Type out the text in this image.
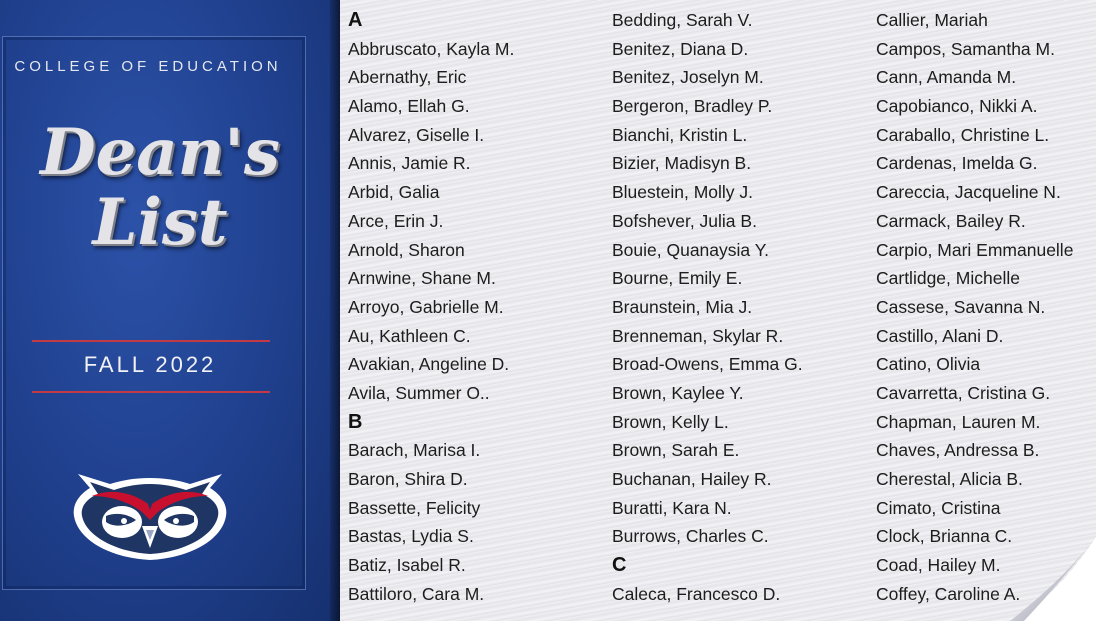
COLLEGE OF EDUCATION
Dean's
List
FALL 2022
A
Abbruscato, Kayla M.
Abernathy, Eric
Alamo, Ellah G.
Alvarez, Giselle I.
Annis, Jamie R.
Arbid, Galia
Arce, Erin J.
Arnold, Sharon
Arnwine, Shane M.
Arroyo, Gabrielle M.
Au, Kathleen C.
Avakian, Angeline D.
Avila, Summer O..
B
Barach, Marisa I.
Baron, Shira D.
Bassette, Felicity
Bastas, Lydia S.
Batiz, Isabel R.
Battiloro, Cara M.
Bedding, Sarah V.
Benitez, Diana D.
Benitez, Joselyn M.
Bergeron, Bradley P.
Bianchi, Kristin L.
Bizier, Madisyn B.
Bluestein, Molly J.
Bofshever, Julia B.
Bouie, Quanaysia Y.
Bourne, Emily E.
Braunstein, Mia J.
Brenneman, Skylar R.
Broad-Owens, Emma G.
Brown, Kaylee Y.
Brown, Kelly L.
Brown, Sarah E.
Buchanan, Hailey R.
Buratti, Kara N.
Burrows, Charles C.
C
Caleca, Francesco D.
Callier, Mariah
Campos, Samantha M.
Cann, Amanda M.
Capobianco, Nikki A.
Caraballo, Christine L.
Cardenas, Imelda G.
Careccia, Jacqueline N.
Carmack, Bailey R.
Carpio, Mari Emmanuelle
Cartlidge, Michelle
Cassese, Savanna N.
Castillo, Alani D.
Catino, Olivia
Cavarretta, Cristina G.
Chapman, Lauren M.
Chaves, Andressa B.
Cherestal, Alicia B.
Cimato, Cristina
Clock, Brianna C.
Coad, Hailey M.
Coffey, Caroline A.
